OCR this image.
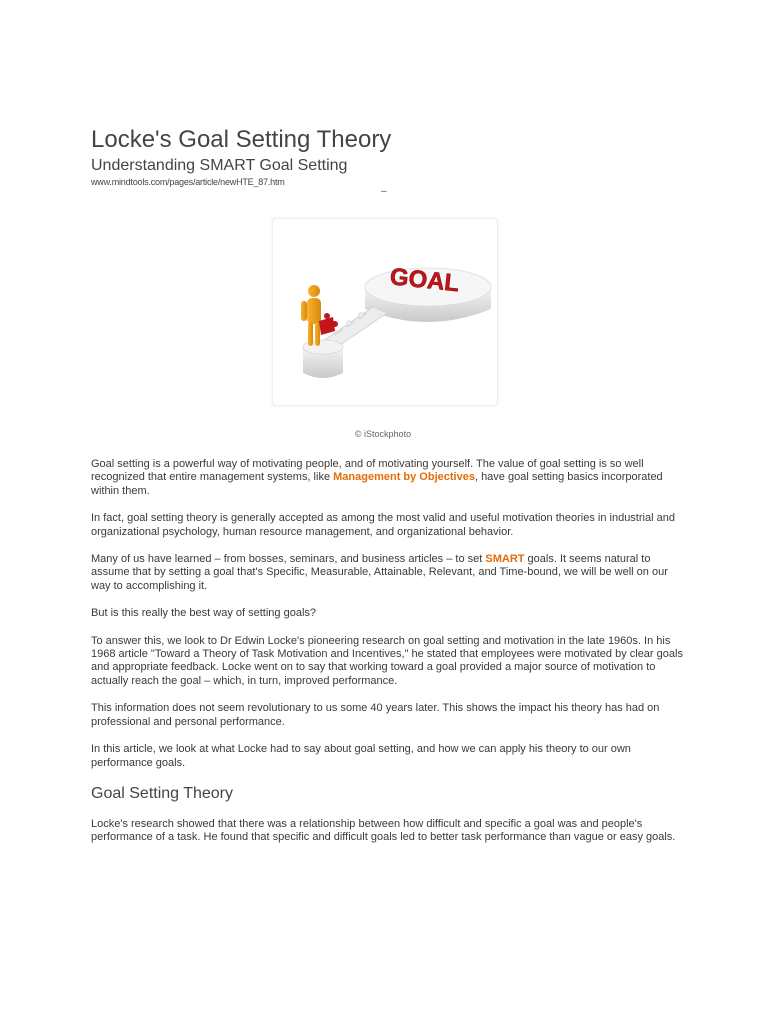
Locke's Goal Setting Theory
Understanding SMART Goal Setting
www.mindtools.com/pages/article/newHTE_87.htm
–
GOAL
© iStockphoto

Goal setting is a powerful way of motivating people, and of motivating yourself. The value of goal setting is so well recognized that entire management systems, like Management by Objectives, have goal setting basics incorporated within them.

In fact, goal setting theory is generally accepted as among the most valid and useful motivation theories in industrial and organizational psychology, human resource management, and organizational behavior.

Many of us have learned – from bosses, seminars, and business articles – to set SMART goals. It seems natural to assume that by setting a goal that's Specific, Measurable, Attainable, Relevant, and Time-bound, we will be well on our way to accomplishing it.

But is this really the best way of setting goals?

To answer this, we look to Dr Edwin Locke's pioneering research on goal setting and motivation in the late 1960s. In his 1968 article "Toward a Theory of Task Motivation and Incentives," he stated that employees were motivated by clear goals and appropriate feedback. Locke went on to say that working toward a goal provided a major source of motivation to actually reach the goal – which, in turn, improved performance.

This information does not seem revolutionary to us some 40 years later. This shows the impact his theory has had on professional and personal performance.

In this article, we look at what Locke had to say about goal setting, and how we can apply his theory to our own performance goals.

Goal Setting Theory

Locke's research showed that there was a relationship between how difficult and specific a goal was and people's performance of a task. He found that specific and difficult goals led to better task performance than vague or easy goals.
